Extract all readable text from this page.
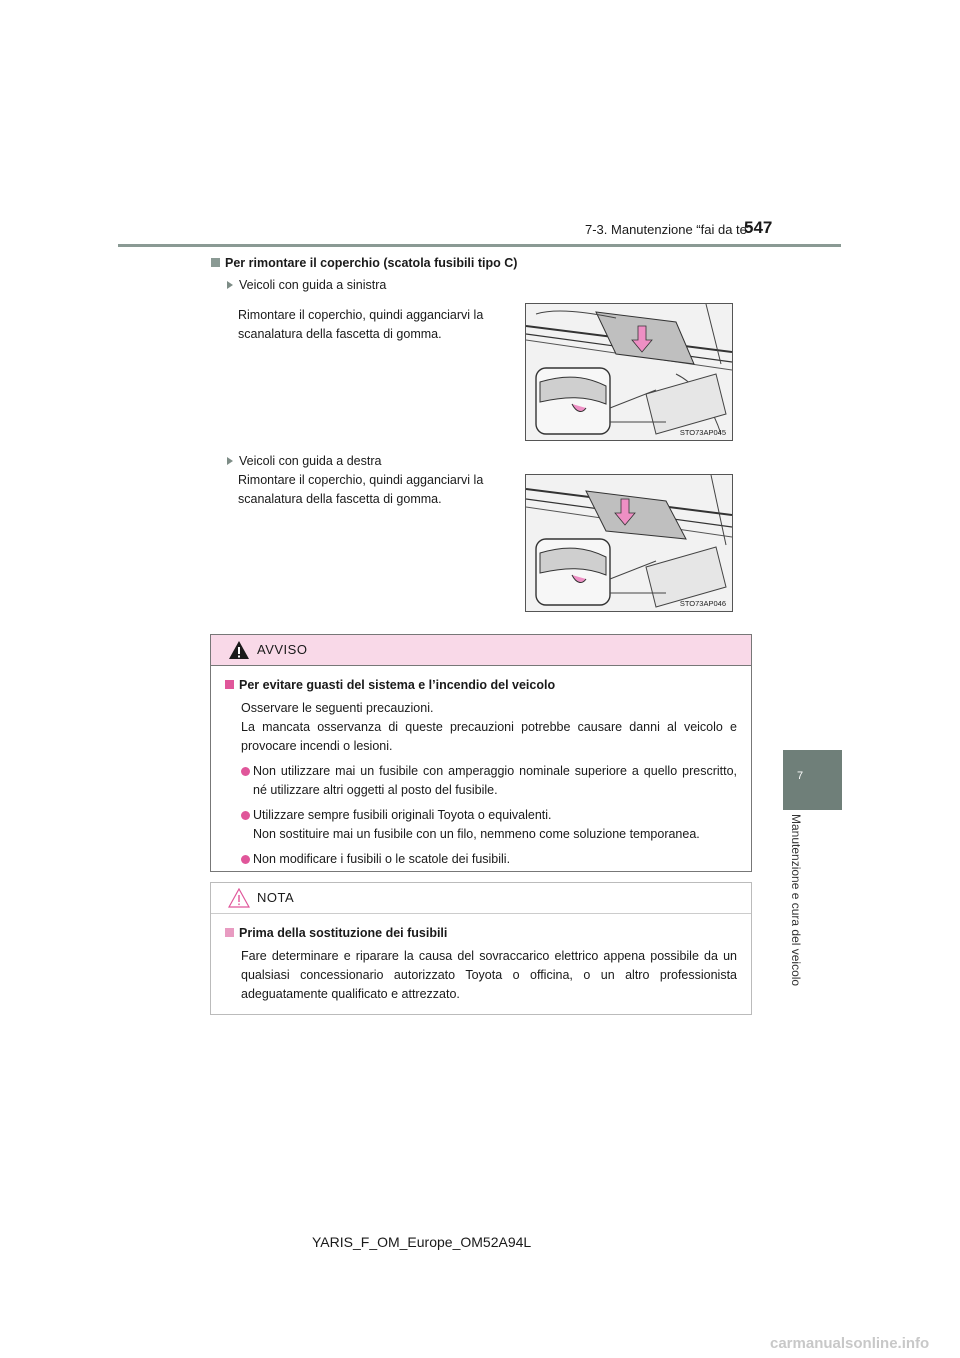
7-3. Manutenzione “fai da te”
547
7
Manutenzione e cura del veicolo
Per rimontare il coperchio (scatola fusibili tipo C)
Veicoli con guida a sinistra
Rimontare il coperchio, quindi agganciarvi la scanalatura della fascetta di gomma.
STO73AP045
Veicoli con guida a destra
Rimontare il coperchio, quindi agganciarvi la scanalatura della fascetta di gomma.
STO73AP046
AVVISO
Per evitare guasti del sistema e l’incendio del veicolo
Osservare le seguenti precauzioni.
La mancata osservanza di queste precauzioni potrebbe causare danni al veicolo e provocare incendi o lesioni.
Non utilizzare mai un fusibile con amperaggio nominale superiore a quello prescritto, né utilizzare altri oggetti al posto del fusibile.
Utilizzare sempre fusibili originali Toyota o equivalenti.
Non sostituire mai un fusibile con un filo, nemmeno come soluzione temporanea.
Non modificare i fusibili o le scatole dei fusibili.
NOTA
Prima della sostituzione dei fusibili
Fare determinare e riparare la causa del sovraccarico elettrico appena possibile da un qualsiasi concessionario autorizzato Toyota o officina, o un altro professionista adeguatamente qualificato e attrezzato.
YARIS_F_OM_Europe_OM52A94L
carmanualsonline.info
